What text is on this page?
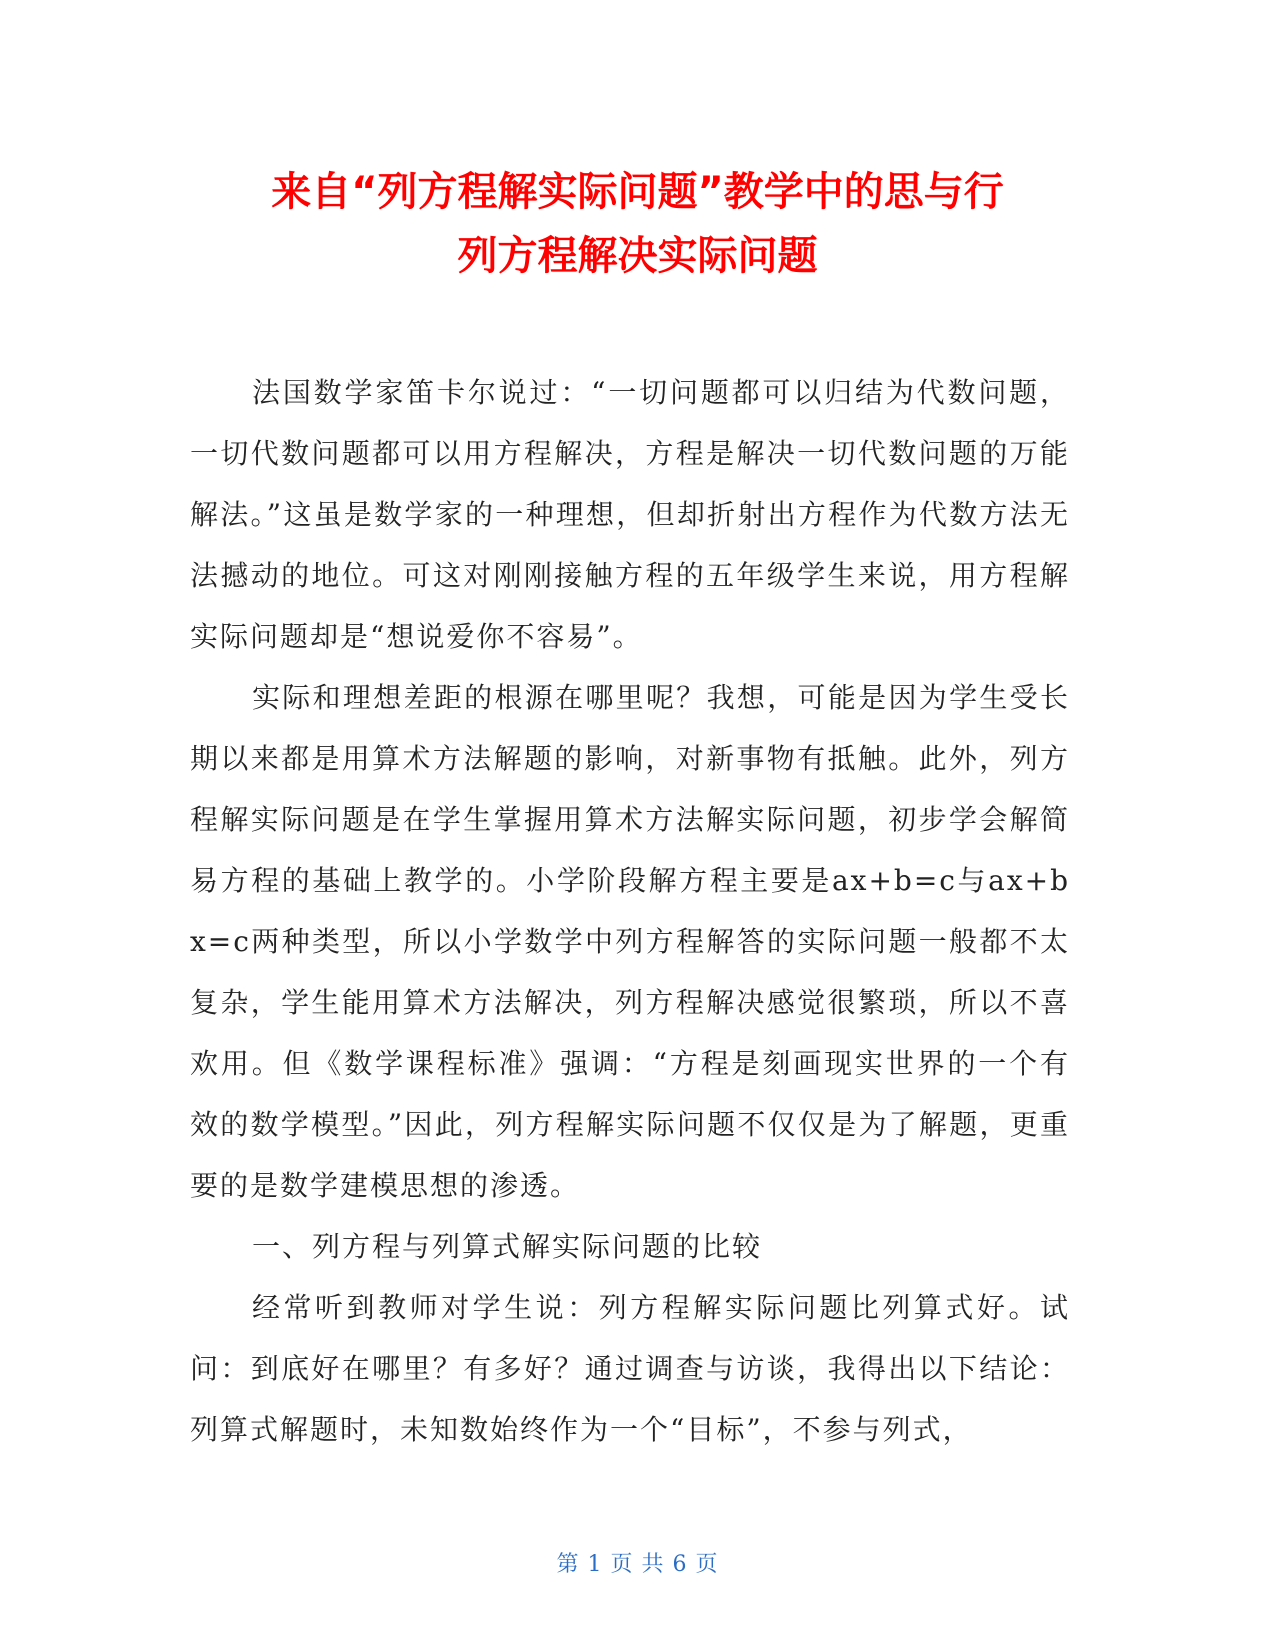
来自“列方程解实际问题”教学中的思与行
列方程解决实际问题

法国数学家笛卡尔说过：“一切问题都可以归结为代数问题，一切代数问题都可以用方程解决，方程是解决一切代数问题的万能解法。”这虽是数学家的一种理想，但却折射出方程作为代数方法无法撼动的地位。可这对刚刚接触方程的五年级学生来说，用方程解实际问题却是“想说爱你不容易”。

实际和理想差距的根源在哪里呢？我想，可能是因为学生受长期以来都是用算术方法解题的影响，对新事物有抵触。此外，列方程解实际问题是在学生掌握用算术方法解实际问题，初步学会解简易方程的基础上教学的。小学阶段解方程主要是ax+b=c与ax+bx=c两种类型，所以小学数学中列方程解答的实际问题一般都不太复杂，学生能用算术方法解决，列方程解决感觉很繁琐，所以不喜欢用。但《数学课程标准》强调：“方程是刻画现实世界的一个有效的数学模型。”因此，列方程解实际问题不仅仅是为了解题，更重要的是数学建模思想的渗透。

一、列方程与列算式解实际问题的比较

经常听到教师对学生说：列方程解实际问题比列算式好。试问：到底好在哪里？有多好？通过调查与访谈，我得出以下结论：列算式解题时，未知数始终作为一个“目标”，不参与列式，

第 1 页 共 6 页
